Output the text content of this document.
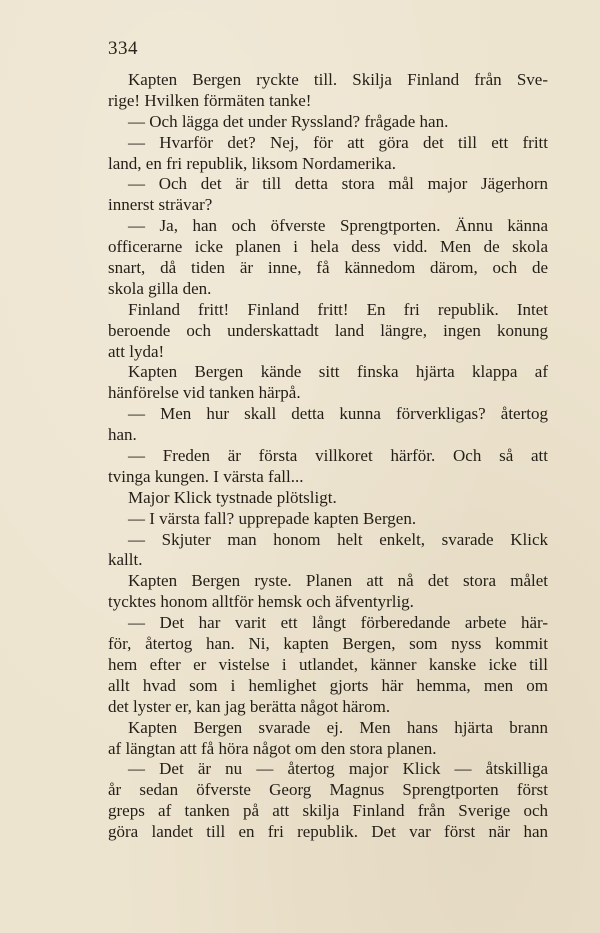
334
Kapten Bergen ryckte till. Skilja Finland från Sve-
rige! Hvilken förmäten tanke!
— Och lägga det under Ryssland? frågade han.
— Hvarför det? Nej, för att göra det till ett fritt
land, en fri republik, liksom Nordamerika.
— Och det är till detta stora mål major Jägerhorn
innerst strävar?
— Ja, han och öfverste Sprengtporten. Ännu känna
officerarne icke planen i hela dess vidd. Men de skola
snart, då tiden är inne, få kännedom därom, och de
skola gilla den.
Finland fritt! Finland fritt! En fri republik. Intet
beroende och underskattadt land längre, ingen konung
att lyda!
Kapten Bergen kände sitt finska hjärta klappa af
hänförelse vid tanken härpå.
— Men hur skall detta kunna förverkligas? återtog
han.
— Freden är första villkoret härför. Och så att
tvinga kungen. I värsta fall...
Major Klick tystnade plötsligt.
— I värsta fall? upprepade kapten Bergen.
— Skjuter man honom helt enkelt, svarade Klick
kallt.
Kapten Bergen ryste. Planen att nå det stora målet
tycktes honom alltför hemsk och äfventyrlig.
— Det har varit ett långt förberedande arbete här-
för, återtog han. Ni, kapten Bergen, som nyss kommit
hem efter er vistelse i utlandet, känner kanske icke till
allt hvad som i hemlighet gjorts här hemma, men om
det lyster er, kan jag berätta något härom.
Kapten Bergen svarade ej. Men hans hjärta brann
af längtan att få höra något om den stora planen.
— Det är nu — återtog major Klick — åtskilliga
år sedan öfverste Georg Magnus Sprengtporten först
greps af tanken på att skilja Finland från Sverige och
göra landet till en fri republik. Det var först när han
